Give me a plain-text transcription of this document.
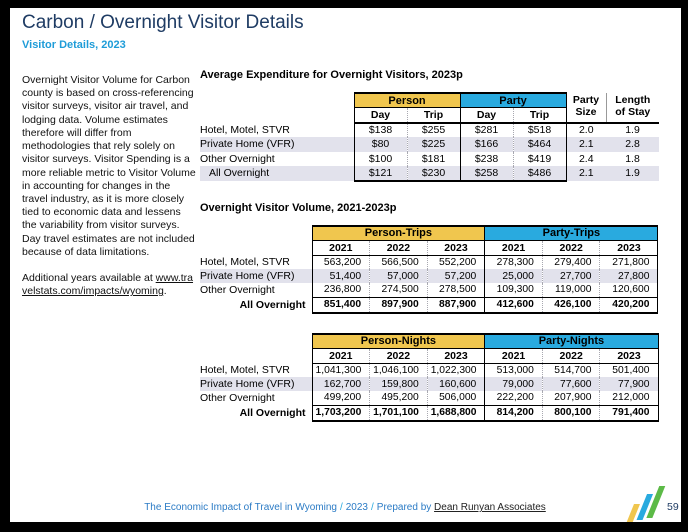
Carbon / Overnight Visitor Details
Visitor Details, 2023

Overnight Visitor Volume for Carbon county is based on cross-referencing visitor surveys, visitor air travel, and lodging data. Volume estimates therefore will differ from methodologies that rely solely on visitor surveys. Visitor Spending is a more reliable metric to Visitor Volume in accounting for changes in the travel industry, as it is more closely tied to economic data and lessens the variability from visitor surveys. Day travel estimates are not included because of data limitations.

Additional years available at www.travelstats.com/impacts/wyoming.

Average Expenditure for Overnight Visitors, 2023p
	Person		Party		Party Size	Length of Stay
	Day	Trip	Day	Trip		
Hotel, Motel, STVR	$138	$255	$281	$518	2.0	1.9
Private Home (VFR)	$80	$225	$166	$464	2.1	2.8
Other Overnight	$100	$181	$238	$419	2.4	1.8
All Overnight	$121	$230	$258	$486	2.1	1.9
Overnight Visitor Volume, 2021-2023p
	Person-Trips			Party-Trips		
	2021	2022	2023	2021	2022	2023
Hotel, Motel, STVR	563,200	566,500	552,200	278,300	279,400	271,800
Private Home (VFR)	51,400	57,000	57,200	25,000	27,700	27,800
Other Overnight	236,800	274,500	278,500	109,300	119,000	120,600
All Overnight	851,400	897,900	887,900	412,600	426,100	420,200
	Person-Nights			Party-Nights		
	2021	2022	2023	2021	2022	2023
Hotel, Motel, STVR	1,041,300	1,046,100	1,022,300	513,000	514,700	501,400
Private Home (VFR)	162,700	159,800	160,600	79,000	77,600	77,900
Other Overnight	499,200	495,200	506,000	222,200	207,900	212,000
All Overnight	1,703,200	1,701,100	1,688,800	814,200	800,100	791,400
The Economic Impact of Travel in Wyoming / 2023 / Prepared by Dean Runyan Associates	59
